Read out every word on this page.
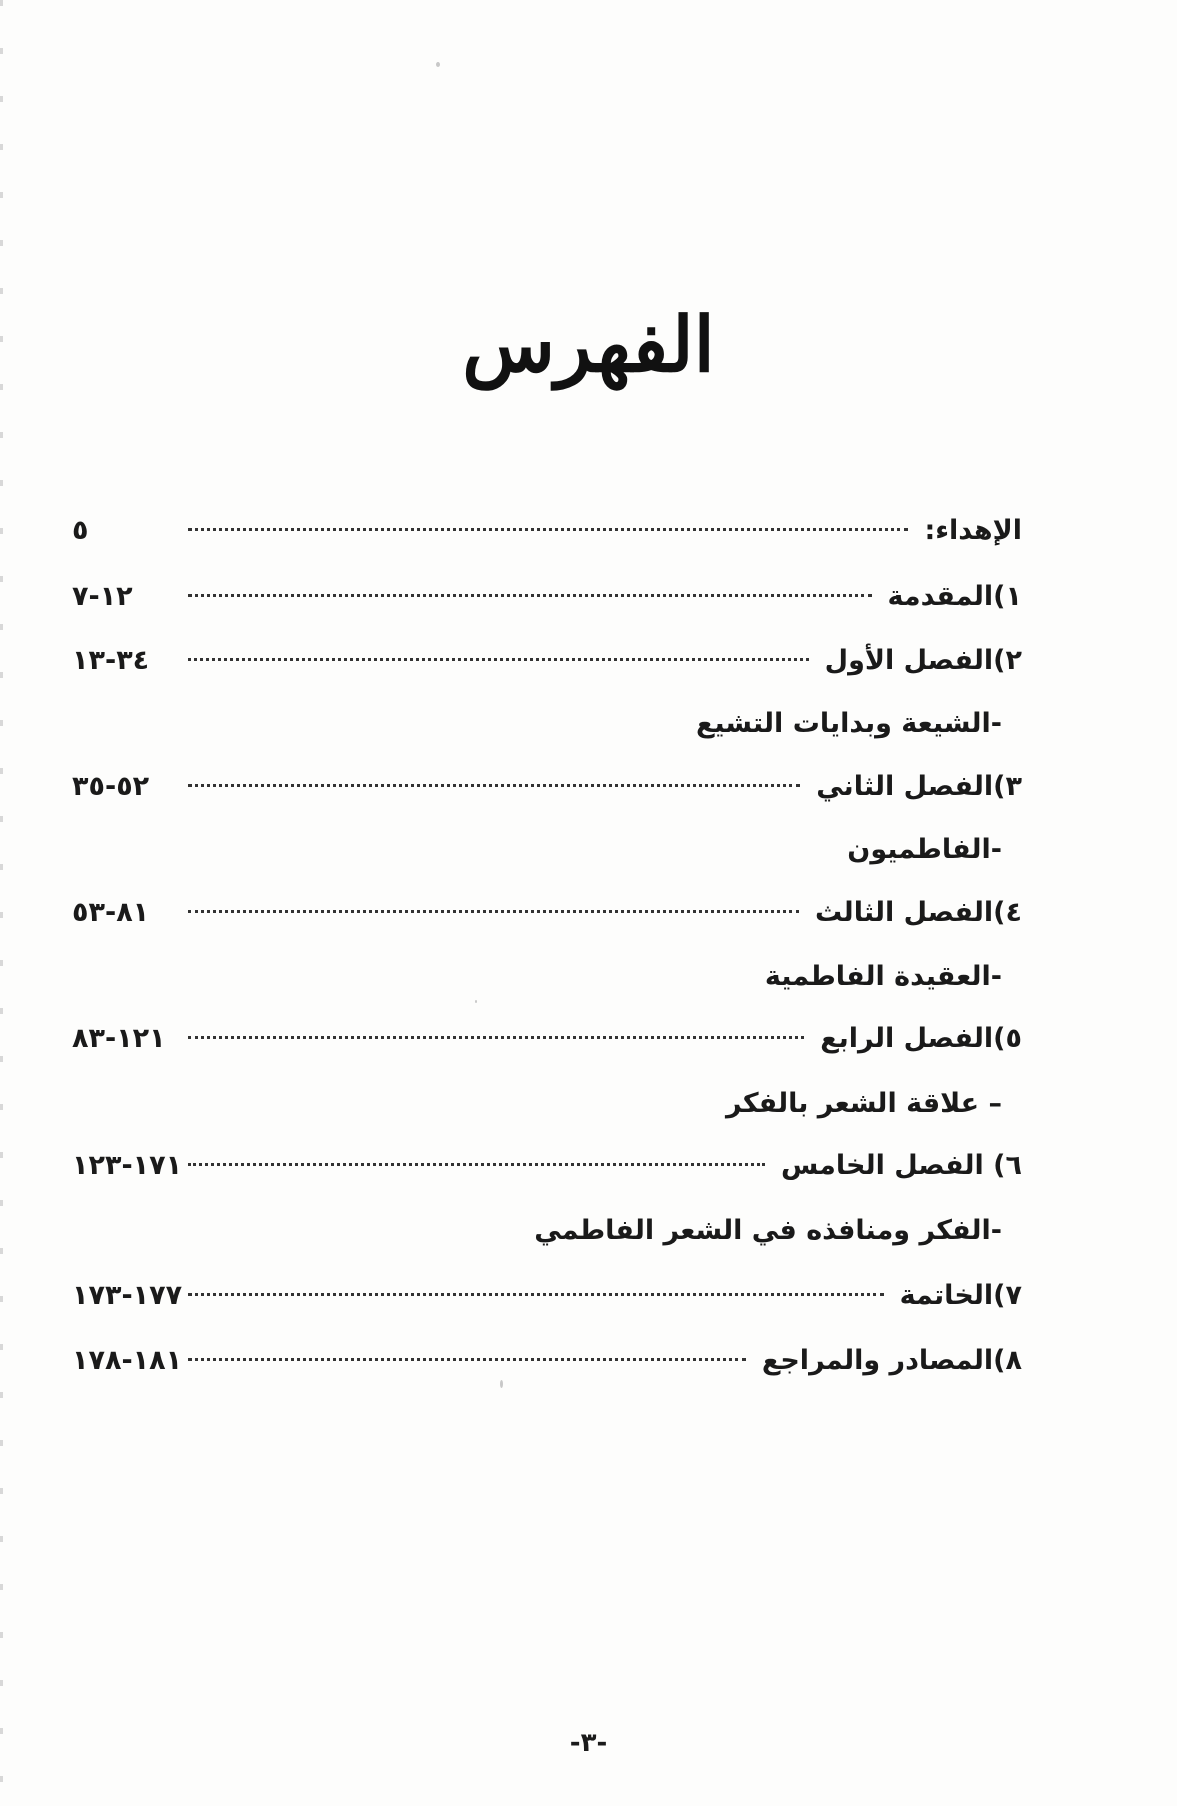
الفهرس
الإهداء:
٥
١)المقدمة
١٢-٧
٢)الفصل الأول
٣٤-١٣
-الشيعة وبدايات التشيع
٣)الفصل الثاني
٥٢-٣٥
-الفاطميون
٤)الفصل الثالث
٨١-٥٣
-العقيدة الفاطمية
٥)الفصل الرابع
١٢١-٨٣
– علاقة الشعر بالفكر
٦) الفصل الخامس
١٧١-١٢٣
-الفكر ومنافذه في الشعر الفاطمي
٧)الخاتمة
١٧٧-١٧٣
٨)المصادر والمراجع
١٨١-١٧٨
-٣-
